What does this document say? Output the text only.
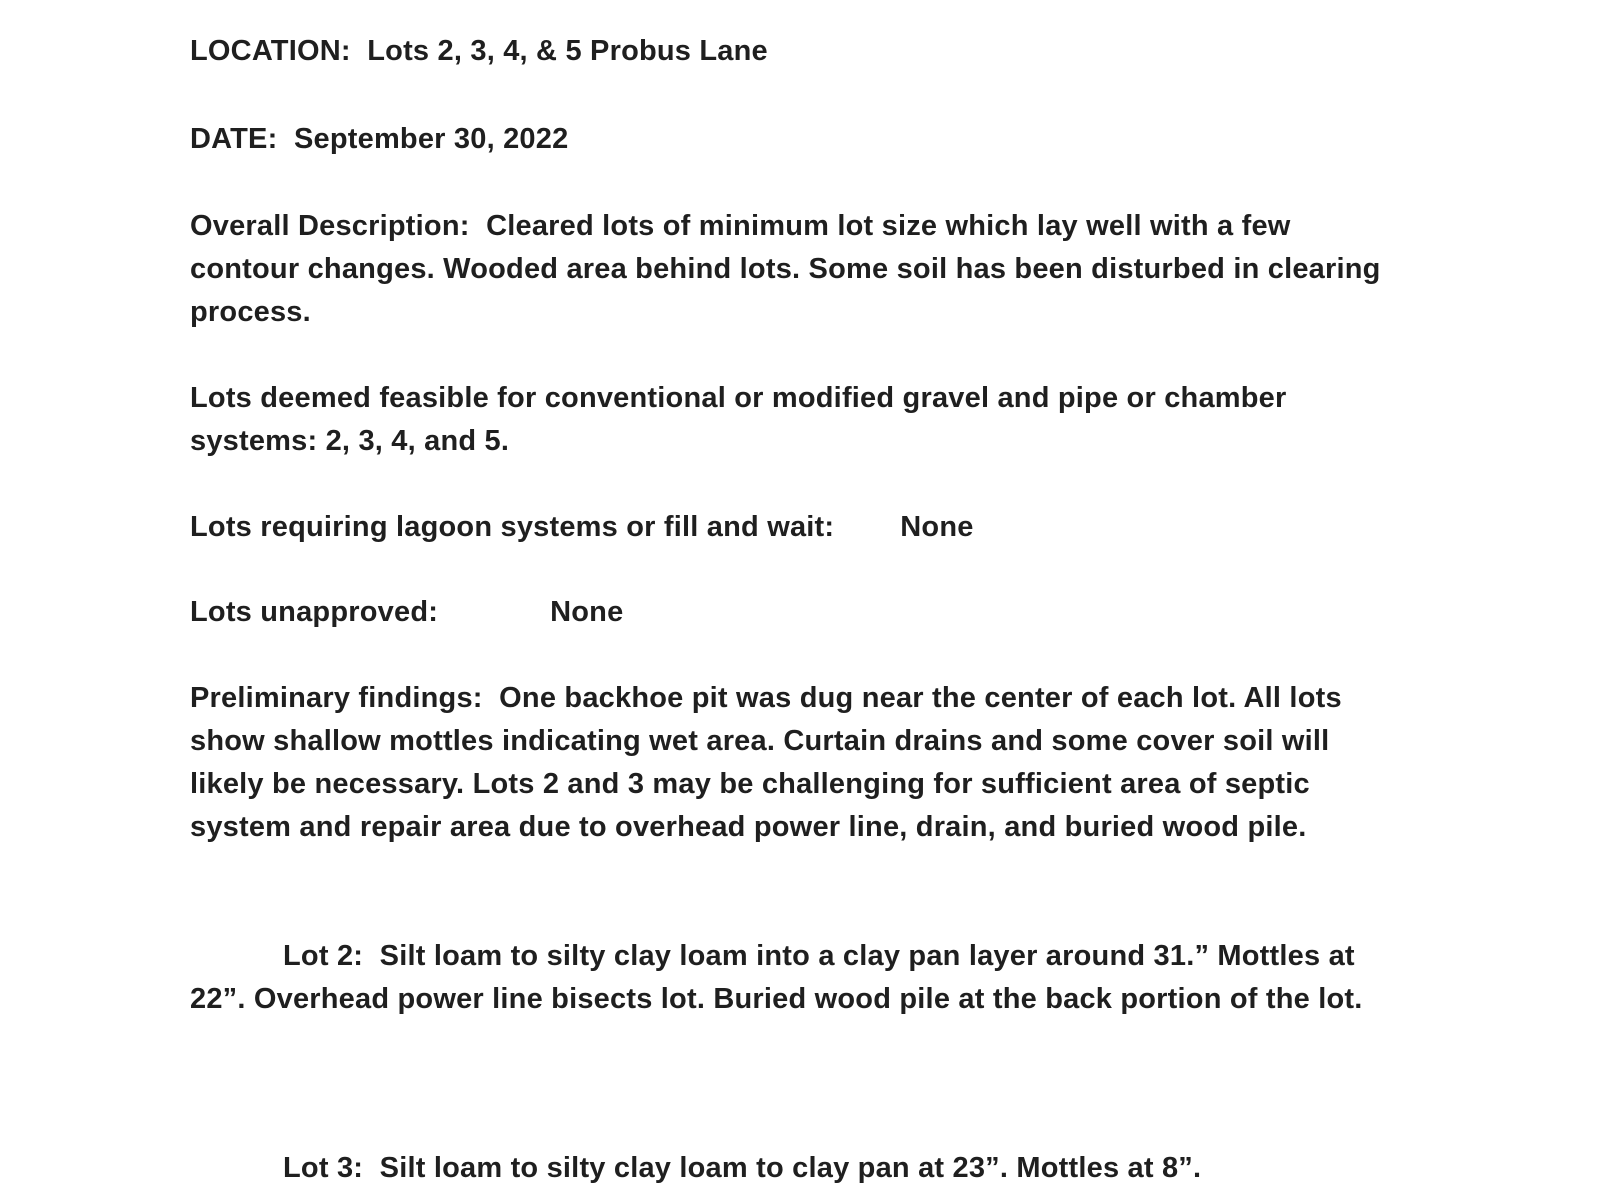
LOCATION: Lots 2, 3, 4, & 5 Probus Lane

DATE: September 30, 2022

Overall Description: Cleared lots of minimum lot size which lay well with a few contour changes. Wooded area behind lots. Some soil has been disturbed in clearing process.

Lots deemed feasible for conventional or modified gravel and pipe or chamber systems: 2, 3, 4, and 5.

Lots requiring lagoon systems or fill and wait: None

Lots unapproved:	None

Preliminary findings: One backhoe pit was dug near the center of each lot. All lots show shallow mottles indicating wet area. Curtain drains and some cover soil will likely be necessary. Lots 2 and 3 may be challenging for sufficient area of septic system and repair area due to overhead power line, drain, and buried wood pile.

Lot 2: Silt loam to silty clay loam into a clay pan layer around 31.” Mottles at 22”. Overhead power line bisects lot. Buried wood pile at the back portion of the lot.

Lot 3: Silt loam to silty clay loam to clay pan at 23”. Mottles at 8”.
